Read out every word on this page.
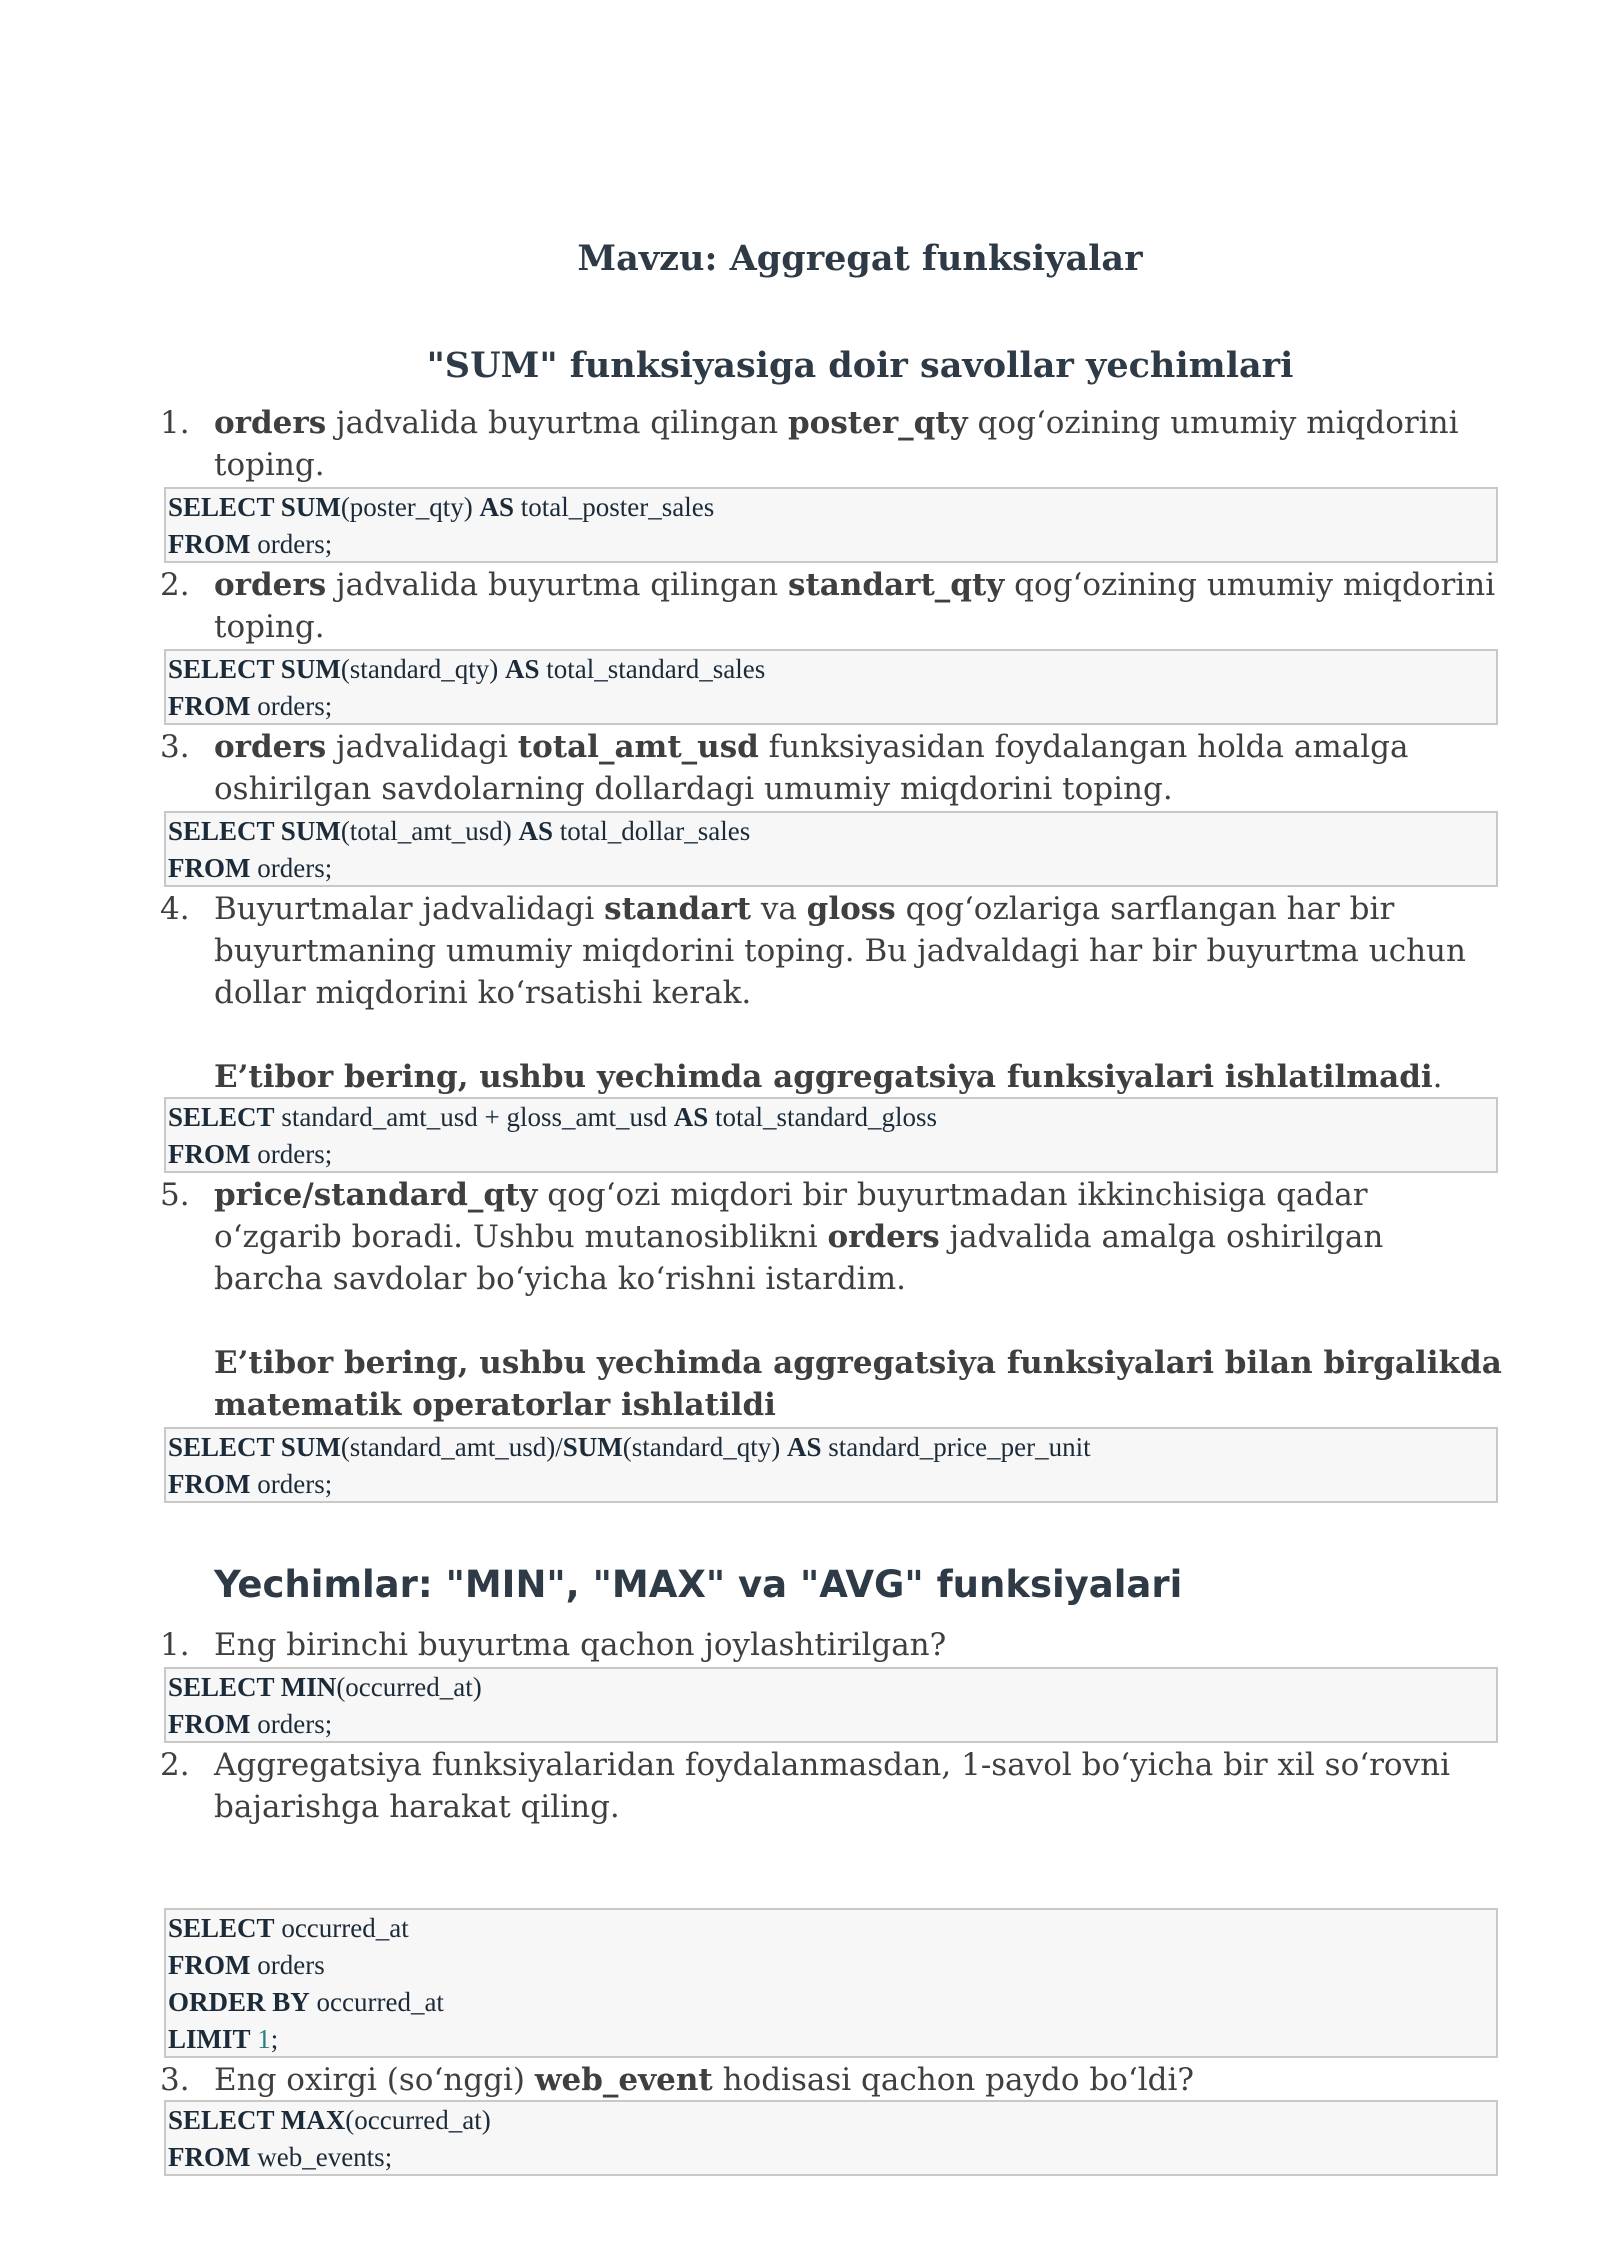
Mavzu: Aggregat funksiyalar
"SUM" funksiyasiga doir savollar yechimlari
1. orders jadvalida buyurtma qilingan poster_qty qog‘ozining umumiy miqdorini toping.
SELECT SUM(poster_qty) AS total_poster_sales
FROM orders;
2. orders jadvalida buyurtma qilingan standart_qty qog‘ozining umumiy miqdorini toping.
SELECT SUM(standard_qty) AS total_standard_sales
FROM orders;
3. orders jadvalidagi total_amt_usd funksiyasidan foydalangan holda amalga oshirilgan savdolarning dollardagi umumiy miqdorini toping.
SELECT SUM(total_amt_usd) AS total_dollar_sales
FROM orders;
4. Buyurtmalar jadvalidagi standart va gloss qog‘ozlariga sarflangan har bir buyurtmaning umumiy miqdorini toping. Bu jadvaldagi har bir buyurtma uchun dollar miqdorini ko‘rsatishi kerak.
E’tibor bering, ushbu yechimda aggregatsiya funksiyalari ishlatilmadi.
SELECT standard_amt_usd + gloss_amt_usd AS total_standard_gloss
FROM orders;
5. price/standard_qty qog‘ozi miqdori bir buyurtmadan ikkinchisiga qadar o‘zgarib boradi. Ushbu mutanosiblikni orders jadvalida amalga oshirilgan barcha savdolar bo‘yicha ko‘rishni istardim.
E’tibor bering, ushbu yechimda aggregatsiya funksiyalari bilan birgalikda matematik operatorlar ishlatildi
SELECT SUM(standard_amt_usd)/SUM(standard_qty) AS standard_price_per_unit
FROM orders;
Yechimlar: "MIN", "MAX" va "AVG" funksiyalari
1. Eng birinchi buyurtma qachon joylashtirilgan?
SELECT MIN(occurred_at)
FROM orders;
2. Aggregatsiya funksiyalaridan foydalanmasdan, 1-savol bo‘yicha bir xil so‘rovni bajarishga harakat qiling.
SELECT occurred_at
FROM orders
ORDER BY occurred_at
LIMIT 1;
3. Eng oxirgi (so‘nggi) web_event hodisasi qachon paydo bo‘ldi?
SELECT MAX(occurred_at)
FROM web_events;
